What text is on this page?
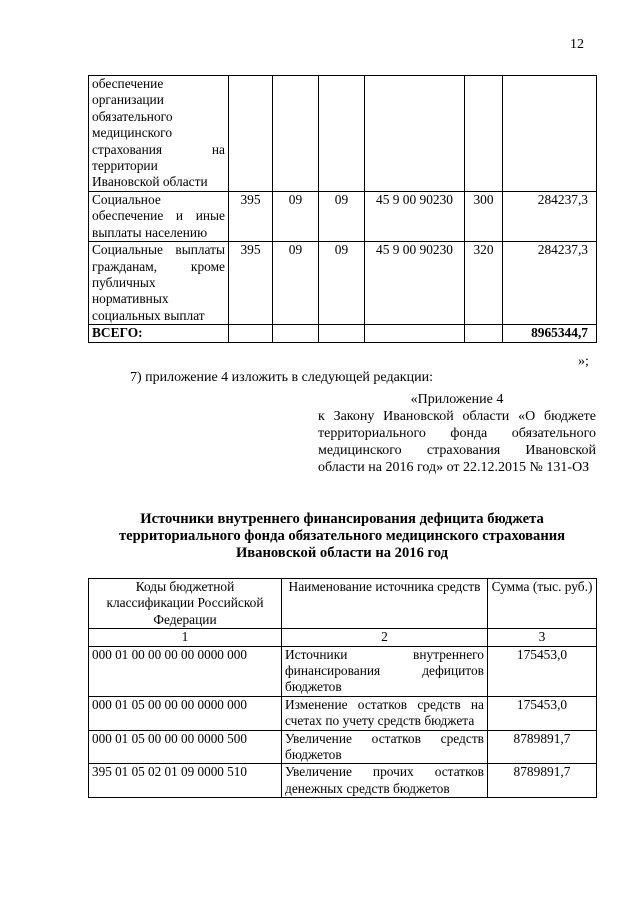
12
обеспечение организации обязательного медицинского страхования на территории Ивановской области						
Социальное обеспечение и иные выплаты населению	395	09	09	45 9 00 90230	300	284237,3
Социальные выплаты гражданам, кроме публичных нормативных социальных выплат	395	09	09	45 9 00 90230	320	284237,3
ВСЕГО:						8965344,7
»;
7) приложение 4 изложить в следующей редакции:
«Приложение 4
к Закону Ивановской области «О бюджете территориального фонда обязательного медицинского страхования Ивановской области на 2016 год» от 22.12.2015 № 131-ОЗ
Источники внутреннего финансирования дефицита бюджета территориального фонда обязательного медицинского страхования Ивановской области на 2016 год
Коды бюджетной классификации Российской Федерации	Наименование источника средств	Сумма (тыс. руб.)
1	2	3
000 01 00 00 00 00 0000 000	Источники внутреннего финансирования дефицитов бюджетов	175453,0
000 01 05 00 00 00 0000 000	Изменение остатков средств на счетах по учету средств бюджета	175453,0
000 01 05 00 00 00 0000 500	Увеличение остатков средств бюджетов	8789891,7
395 01 05 02 01 09 0000 510	Увеличение прочих остатков денежных средств бюджетов	8789891,7
